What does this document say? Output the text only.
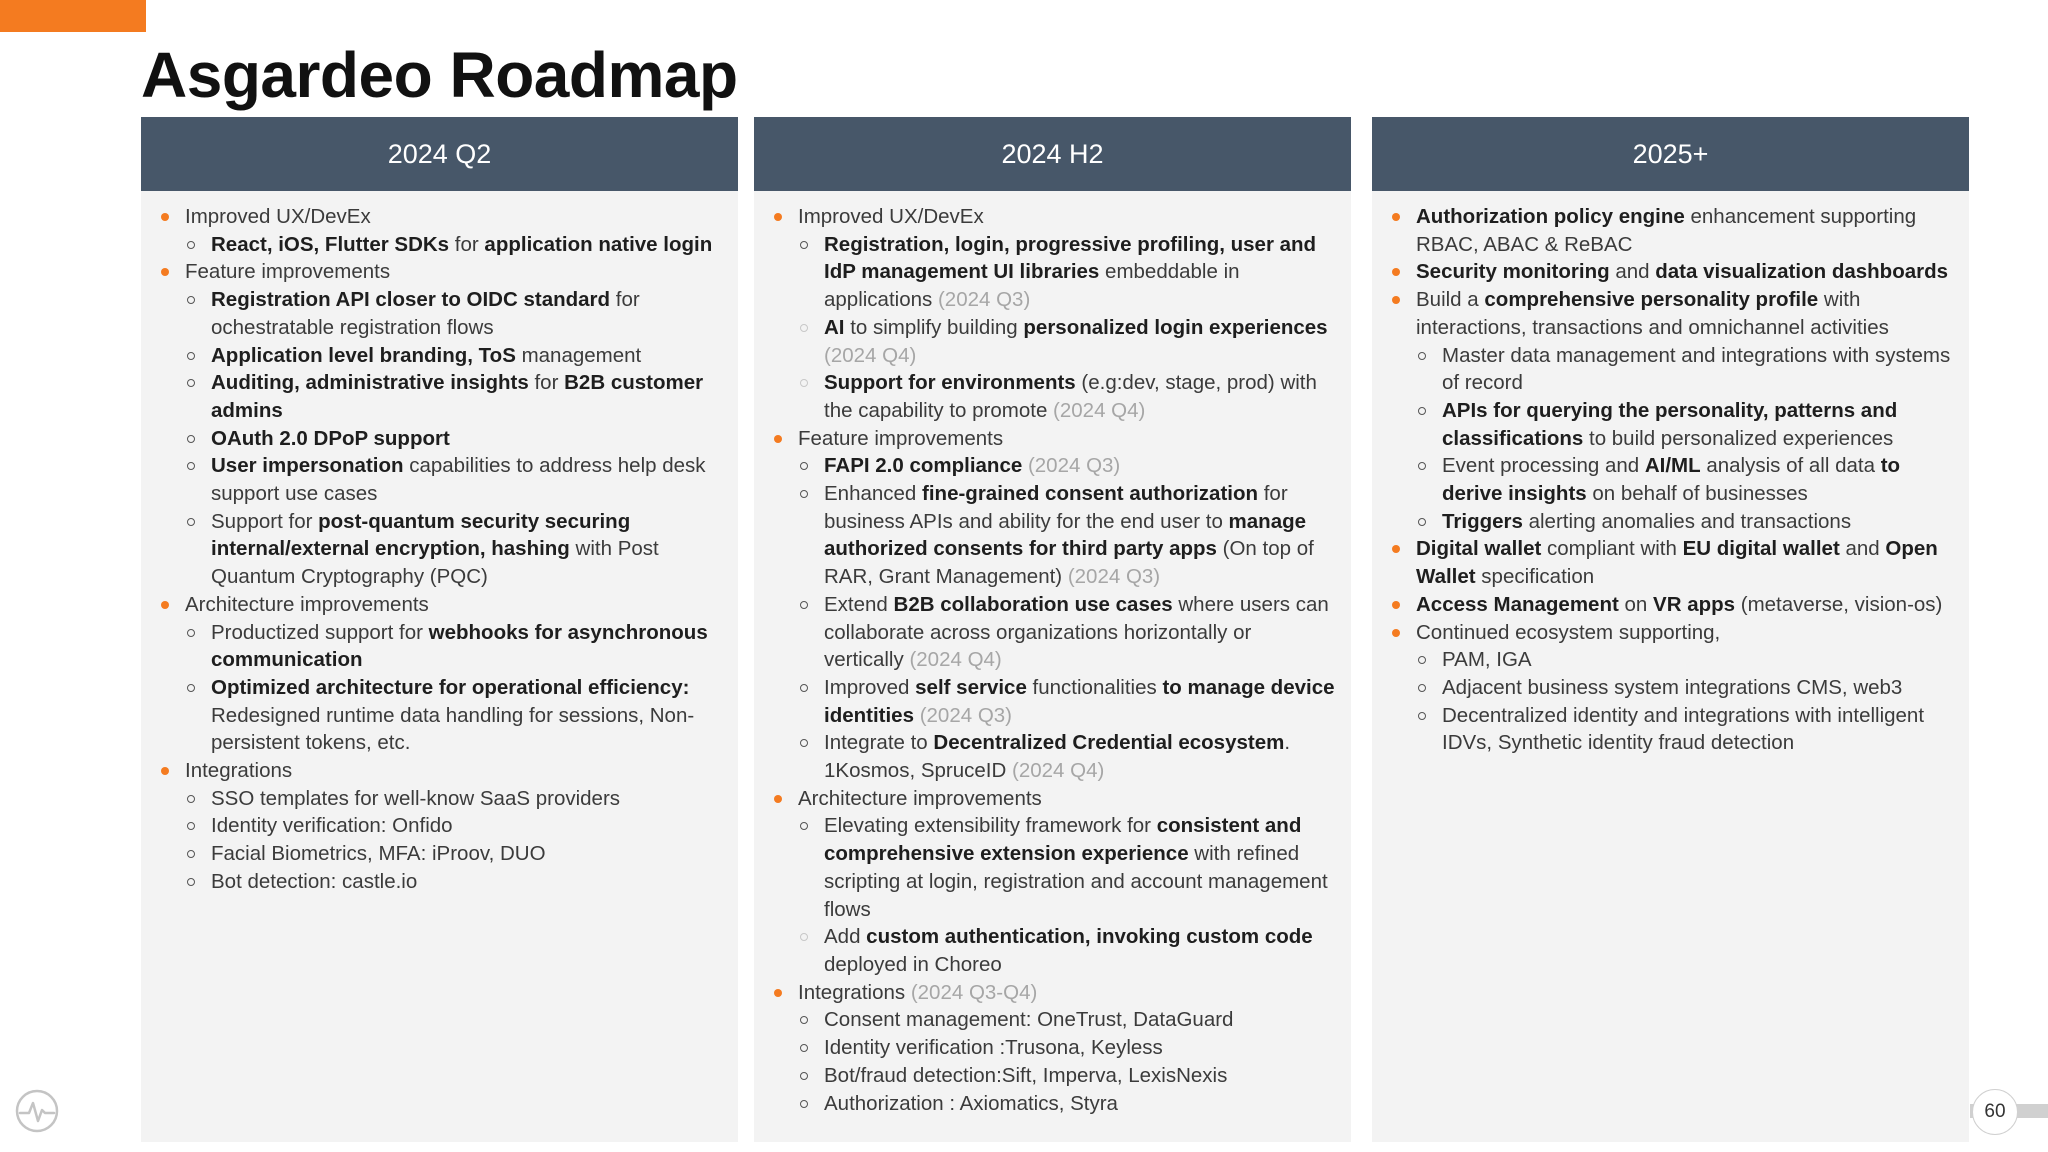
Asgardeo Roadmap
2024 Q2
Improved UX/DevEx
React, iOS, Flutter SDKs for application native login
Feature improvements
Registration API closer to OIDC standard for ochestratable registration flows
Application level branding, ToS management
Auditing, administrative insights for B2B customer admins
OAuth 2.0 DPoP support
User impersonation capabilities to address help desk support use cases
Support for post-quantum security securing internal/external encryption, hashing with Post Quantum Cryptography (PQC)
Architecture improvements
Productized support for webhooks for asynchronous communication
Optimized architecture for operational efficiency: Redesigned runtime data handling for sessions, Non-persistent tokens, etc.
Integrations
SSO templates for well-know SaaS providers
Identity verification: Onfido
Facial Biometrics, MFA: iProov, DUO
Bot detection: castle.io
2024 H2
Improved UX/DevEx
Registration, login, progressive profiling, user and IdP management UI libraries embeddable in applications (2024 Q3)
AI to simplify building personalized login experiences (2024 Q4)
Support for environments (e.g:dev, stage, prod) with the capability to promote (2024 Q4)
Feature improvements
FAPI 2.0 compliance (2024 Q3)
Enhanced fine-grained consent authorization for business APIs and ability for the end user to manage authorized consents for third party apps (On top of RAR, Grant Management) (2024 Q3)
Extend B2B collaboration use cases where users can collaborate across organizations horizontally or vertically (2024 Q4)
Improved self service functionalities to manage device identities (2024 Q3)
Integrate to Decentralized Credential ecosystem. 1Kosmos, SpruceID (2024 Q4)
Architecture improvements
Elevating extensibility framework for consistent and comprehensive extension experience with refined scripting at login, registration and account management flows
Add custom authentication, invoking custom code deployed in Choreo
Integrations (2024 Q3-Q4)
Consent management: OneTrust, DataGuard
Identity verification :Trusona, Keyless
Bot/fraud detection:Sift, Imperva, LexisNexis
Authorization : Axiomatics, Styra
2025+
Authorization policy engine enhancement supporting RBAC, ABAC & ReBAC
Security monitoring and data visualization dashboards
Build a comprehensive personality profile with interactions, transactions and omnichannel activities
Master data management and integrations with systems of record
APIs for querying the personality, patterns and classifications to build personalized experiences
Event processing and AI/ML analysis of all data to derive insights on behalf of businesses
Triggers alerting anomalies and transactions
Digital wallet compliant with EU digital wallet and Open Wallet specification
Access Management on VR apps (metaverse, vision-os)
Continued ecosystem supporting,
PAM, IGA
Adjacent business system integrations CMS, web3
Decentralized identity and integrations with intelligent IDVs, Synthetic identity fraud detection
60
